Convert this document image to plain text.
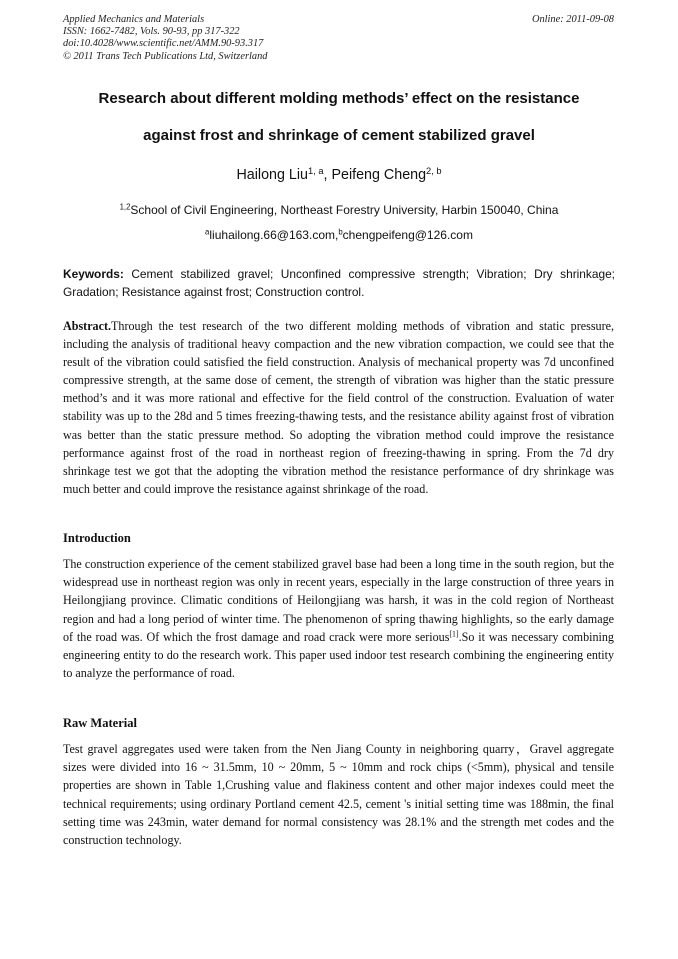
Applied Mechanics and Materials
ISSN: 1662-7482, Vols. 90-93, pp 317-322
doi:10.4028/www.scientific.net/AMM.90-93.317
© 2011 Trans Tech Publications Ltd, Switzerland
Online: 2011-09-08
Research about different molding methods’ effect on the resistance
against frost and shrinkage of cement stabilized gravel
Hailong Liu$^{1, a}$, Peifeng Cheng$^{2, b}$
$^{1,2}$School of Civil Engineering, Northeast Forestry University, Harbin 150040, China
$^a$liuhailong.66@163.com,$^b$chengpeifeng@126.com
Keywords: Cement stabilized gravel; Unconfined compressive strength; Vibration; Dry shrinkage; Gradation; Resistance against frost; Construction control.
Abstract.Through the test research of the two different molding methods of vibration and static pressure, including the analysis of traditional heavy compaction and the new vibration compaction, we could see that the result of the vibration could satisfied the field construction. Analysis of mechanical property was 7d unconfined compressive strength, at the same dose of cement, the strength of vibration was higher than the static pressure method’s and it was more rational and effective for the field control of the construction. Evaluation of water stability was up to the 28d and 5 times freezing-thawing tests, and the resistance ability against frost of vibration was better than the static pressure method. So adopting the vibration method could improve the resistance performance against frost of the road in northeast region of freezing-thawing in spring. From the 7d dry shrinkage test we got that the adopting the vibration method the resistance performance of dry shrinkage was much better and could improve the resistance against shrinkage of the road.
Introduction
The construction experience of the cement stabilized gravel base had been a long time in the south region, but the widespread use in northeast region was only in recent years, especially in the large construction of three years in Heilongjiang province. Climatic conditions of Heilongjiang was harsh, it was in the cold region of Northeast region and had a long period of winter time. The phenomenon of spring thawing highlights, so the early damage of the road was. Of which the frost damage and road crack were more serious[1].So it was necessary combining engineering entity to do the research work. This paper used indoor test research combining the engineering entity to analyze the performance of road.
Raw Material
Test gravel aggregates used were taken from the Nen Jiang County in neighboring quarry，Gravel aggregate sizes were divided into 16 ~ 31.5mm, 10 ~ 20mm, 5 ~ 10mm and rock chips (<5mm), physical and tensile properties are shown in Table 1,Crushing value and flakiness content and other major indexes could meet the technical requirements; using ordinary Portland cement 42.5, cement 's initial setting time was 188min, the final setting time was 243min, water demand for normal consistency was 28.1% and the strength met codes and the construction technology.
